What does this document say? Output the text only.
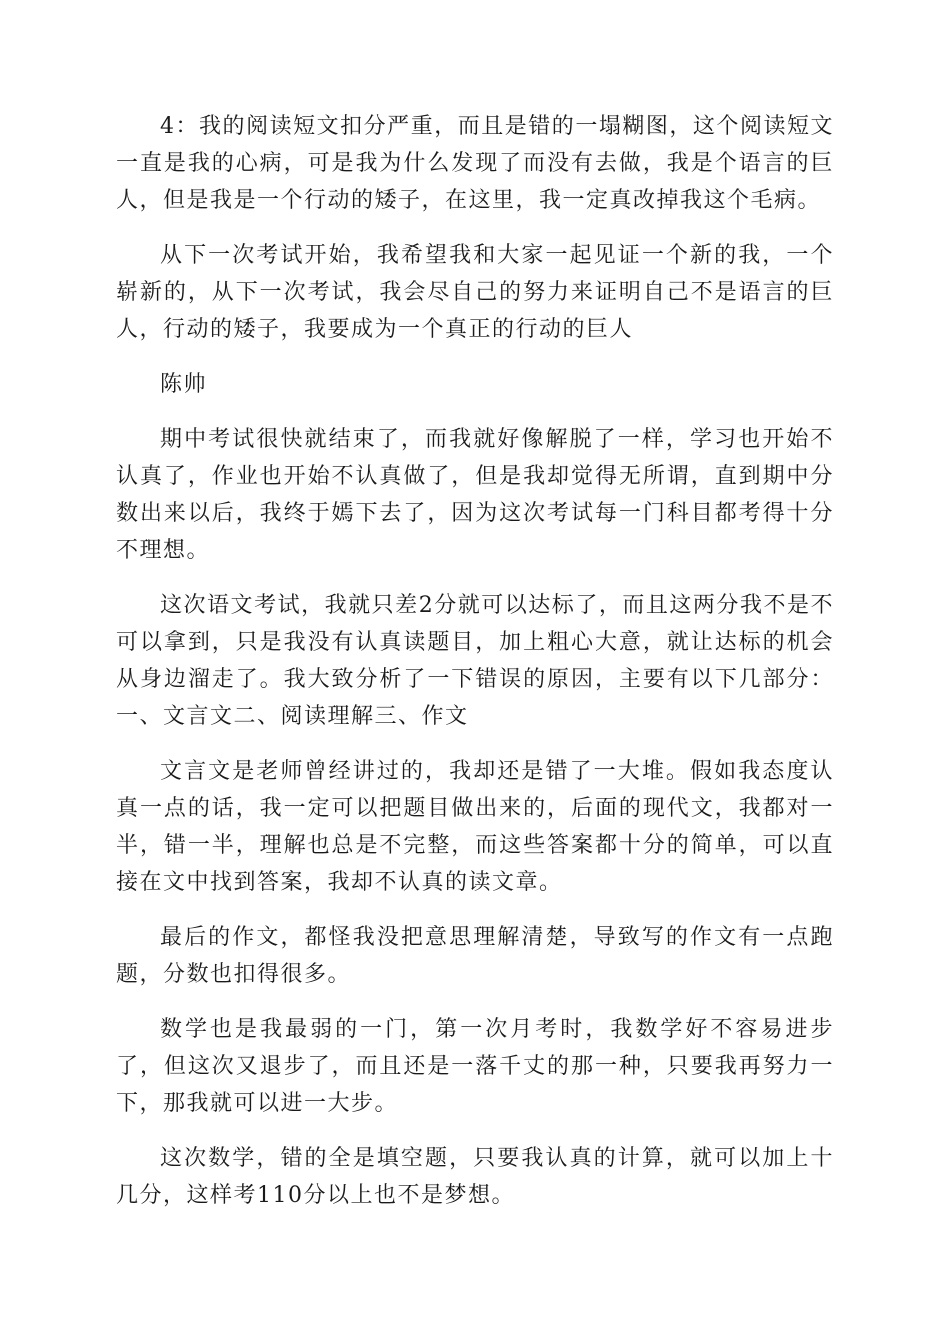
4：我的阅读短文扣分严重，而且是错的一塌糊图，这个阅读短文一直是我的心病，可是我为什么发现了而没有去做，我是个语言的巨人，但是我是一个行动的矮子，在这里，我一定真改掉我这个毛病。

从下一次考试开始，我希望我和大家一起见证一个新的我，一个崭新的，从下一次考试，我会尽自己的努力来证明自己不是语言的巨人，行动的矮子，我要成为一个真正的行动的巨人

陈帅

期中考试很快就结束了，而我就好像解脱了一样，学习也开始不认真了，作业也开始不认真做了，但是我却觉得无所谓，直到期中分数出来以后，我终于嫣下去了，因为这次考试每一门科目都考得十分不理想。

这次语文考试，我就只差2分就可以达标了，而且这两分我不是不可以拿到，只是我没有认真读题目，加上粗心大意，就让达标的机会从身边溜走了。我大致分析了一下错误的原因，主要有以下几部分：一、文言文二、阅读理解三、作文

文言文是老师曾经讲过的，我却还是错了一大堆。假如我态度认真一点的话，我一定可以把题目做出来的，后面的现代文，我都对一半，错一半，理解也总是不完整，而这些答案都十分的简单，可以直接在文中找到答案，我却不认真的读文章。

最后的作文，都怪我没把意思理解清楚，导致写的作文有一点跑题，分数也扣得很多。

数学也是我最弱的一门，第一次月考时，我数学好不容易进步了，但这次又退步了，而且还是一落千丈的那一种，只要我再努力一下，那我就可以进一大步。

这次数学，错的全是填空题，只要我认真的计算，就可以加上十几分，这样考110分以上也不是梦想。
